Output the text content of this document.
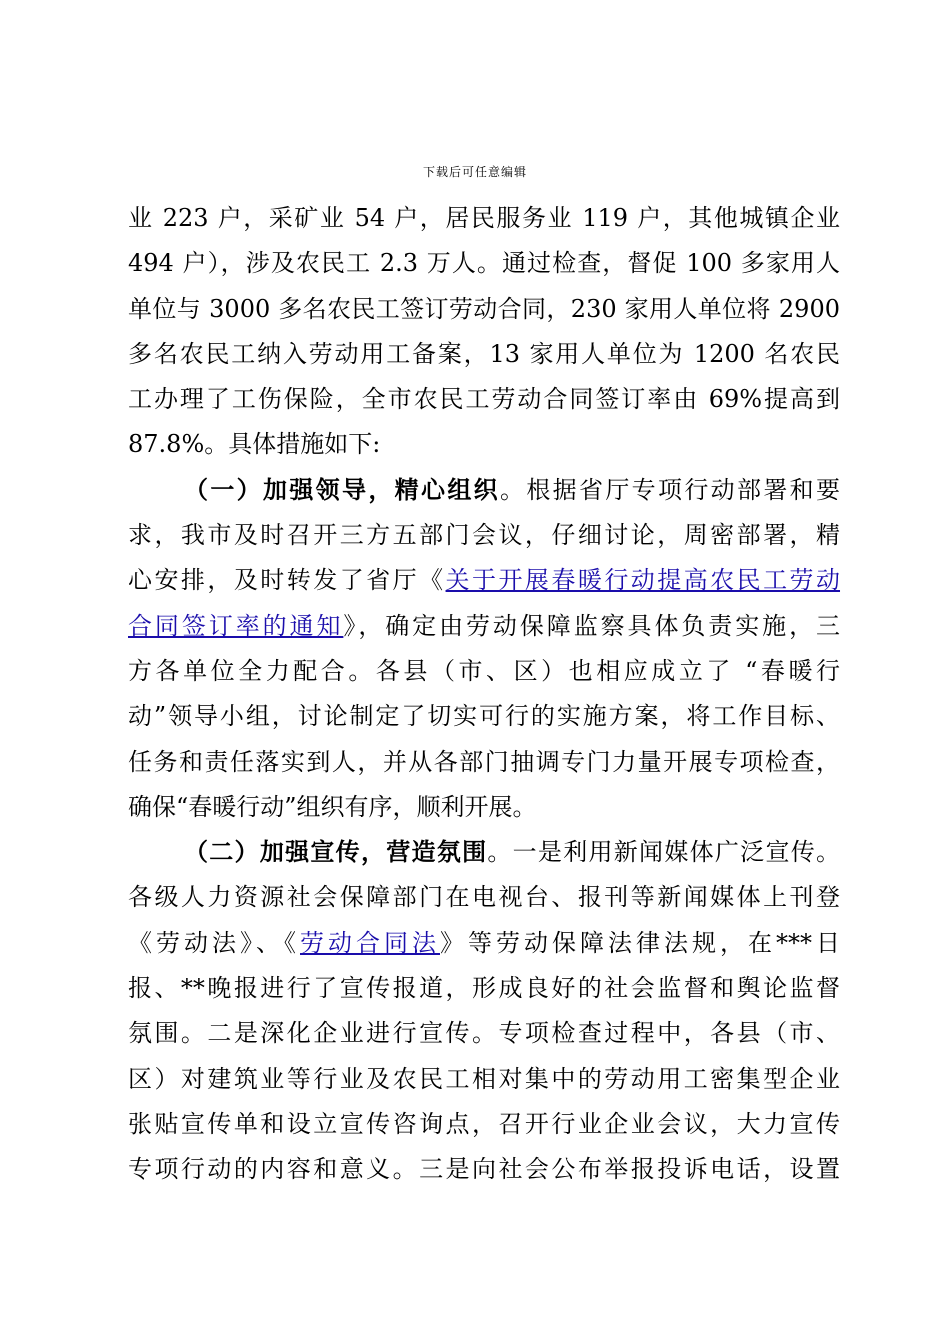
下载后可任意编辑
业 223 户，采矿业 54 户，居民服务业 119 户，其他城镇企业
494 户），涉及农民工 2.3 万人。通过检查，督促 100 多家用人
单位与 3000 多名农民工签订劳动合同，230 家用人单位将 2900
多名农民工纳入劳动用工备案，13 家用人单位为 1200 名农民
工办理了工伤保险，全市农民工劳动合同签订率由 69%提高到
87.8%。具体措施如下:
（一）加强领导，精心组织。根据省厅专项行动部署和要
求，我市及时召开三方五部门会议，仔细讨论，周密部署，精
心安排，及时转发了省厅《关于开展春暖行动提高农民工劳动
合同签订率的通知》，确定由劳动保障监察具体负责实施，三
方各单位全力配合。各县（市、区）也相应成立了 “春暖行
动”领导小组，讨论制定了切实可行的实施方案，将工作目标、
任务和责任落实到人，并从各部门抽调专门力量开展专项检查，
确保“春暖行动”组织有序，顺利开展。
（二）加强宣传，营造氛围。一是利用新闻媒体广泛宣传。
各级人力资源社会保障部门在电视台、报刊等新闻媒体上刊登
《劳动法》、《劳动合同法》等劳动保障法律法规，在***日
报、**晚报进行了宣传报道，形成良好的社会监督和舆论监督
氛围。二是深化企业进行宣传。专项检查过程中，各县（市、
区）对建筑业等行业及农民工相对集中的劳动用工密集型企业
张贴宣传单和设立宣传咨询点，召开行业企业会议，大力宣传
专项行动的内容和意义。三是向社会公布举报投诉电话，设置
